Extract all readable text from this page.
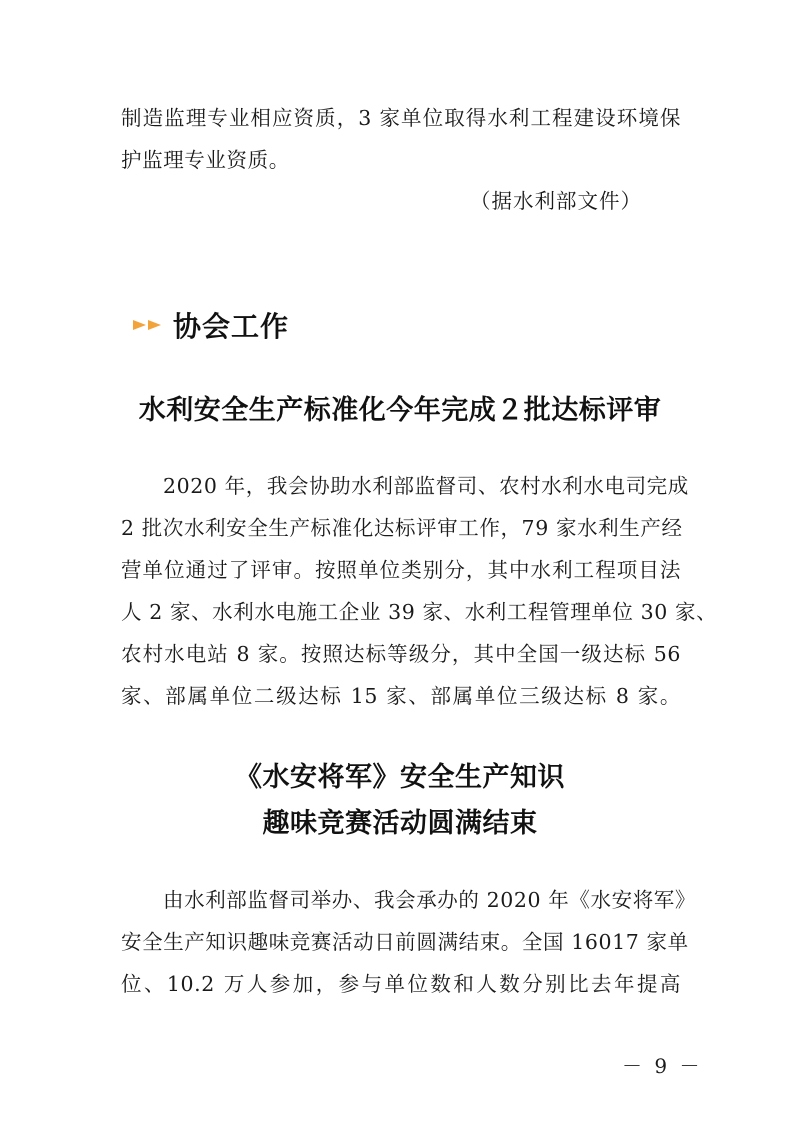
制造监理专业相应资质，3 家单位取得水利工程建设环境保
护监理专业资质。
（据水利部文件）
协会工作
水利安全生产标准化今年完成２批达标评审
2020 年，我会协助水利部监督司、农村水利水电司完成
2 批次水利安全生产标准化达标评审工作，79 家水利生产经
营单位通过了评审。按照单位类别分，其中水利工程项目法
人 2 家、水利水电施工企业 39 家、水利工程管理单位 30 家、
农村水电站 8 家。按照达标等级分，其中全国一级达标 56
家、部属单位二级达标 15 家、部属单位三级达标 8 家。
《水安将军》安全生产知识
趣味竞赛活动圆满结束
由水利部监督司举办、我会承办的 2020 年《水安将军》
安全生产知识趣味竞赛活动日前圆满结束。全国 16017 家单
位、10.2 万人参加，参与单位数和人数分别比去年提高
－ 9 －
